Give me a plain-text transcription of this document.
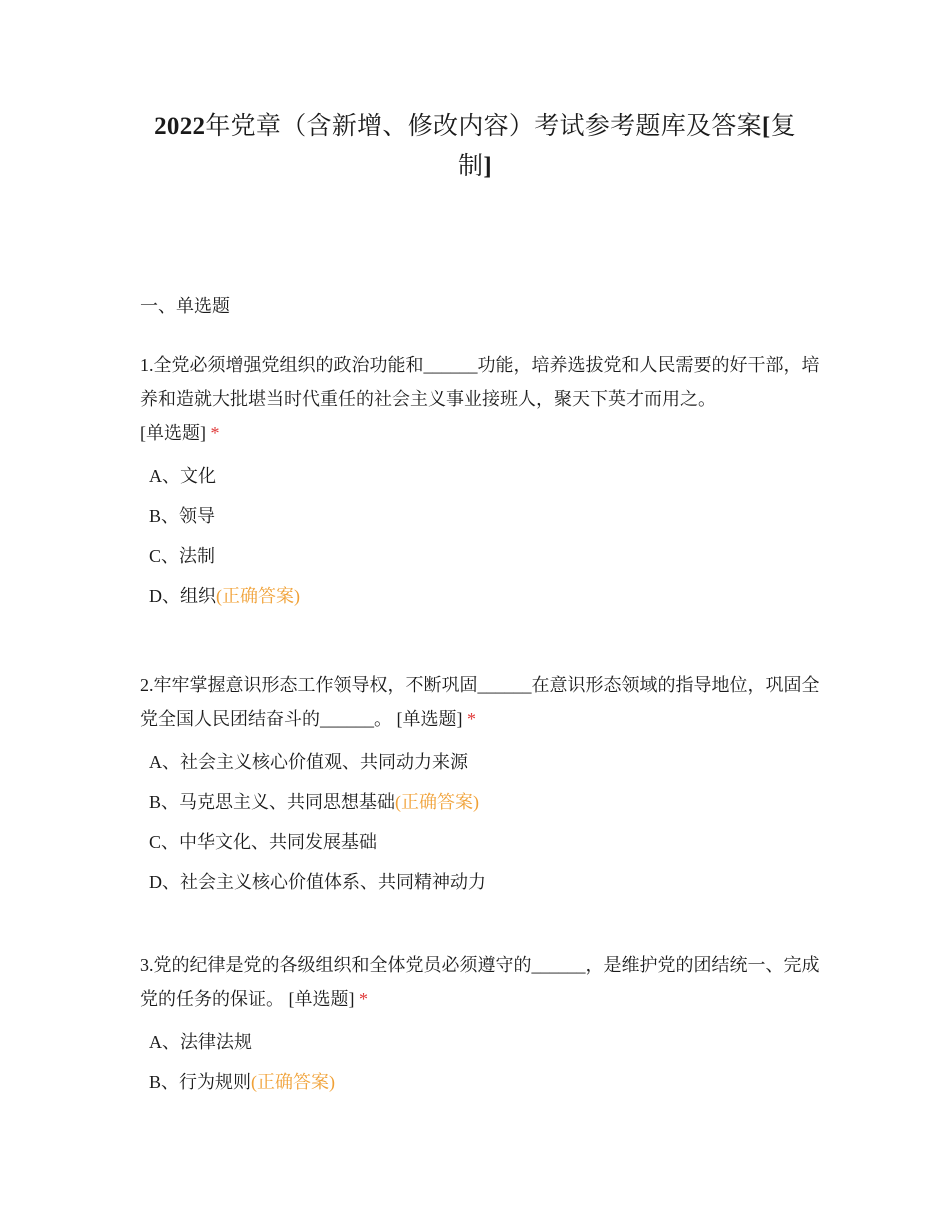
2022年党章（含新增、修改内容）考试参考题库及答案[复
制]
一、单选题

1.全党必须增强党组织的政治功能和______功能，培养选拔党和人民需要的好干部，培养和造就大批堪当时代重任的社会主义事业接班人，聚天下英才而用之。
[单选题] *

A、文化
B、领导
C、法制
D、组织(正确答案)

2.牢牢掌握意识形态工作领导权，不断巩固______在意识形态领域的指导地位，巩固全党全国人民团结奋斗的______。 [单选题] *

A、社会主义核心价值观、共同动力来源
B、马克思主义、共同思想基础(正确答案)
C、中华文化、共同发展基础
D、社会主义核心价值体系、共同精神动力

3.党的纪律是党的各级组织和全体党员必须遵守的______，是维护党的团结统一、完成党的任务的保证。 [单选题] *

A、法律法规
B、行为规则(正确答案)
